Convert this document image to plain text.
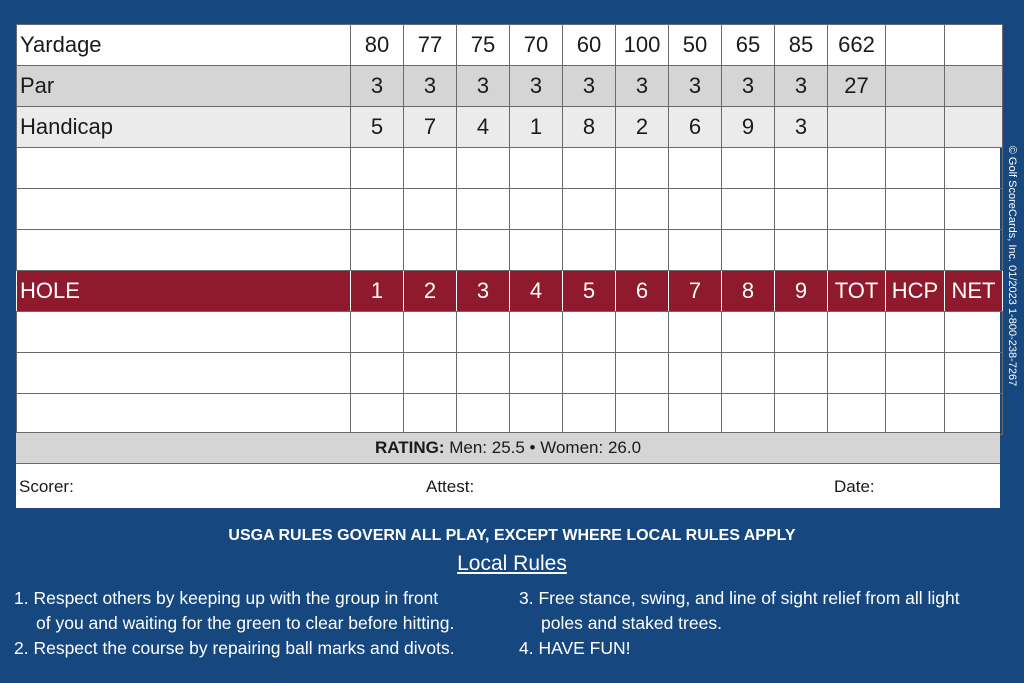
Yardage	80	77	75	70	60	100	50	65	85	662		
Par	3	3	3	3	3	3	3	3	3	27		
Handicap	5	7	4	1	8	2	6	9	3			

HOLE	1	2	3	4	5	6	7	8	9	TOT	HCP	NET

RATING: Men: 25.5 • Women: 26.0
Scorer:	Attest:	Date:
© Golf ScoreCards, Inc. 01/2023 1-800-238-7267
USGA RULES GOVERN ALL PLAY, EXCEPT WHERE LOCAL RULES APPLY
Local Rules
1. Respect others by keeping up with the group in front
of you and waiting for the green to clear before hitting.
2. Respect the course by repairing ball marks and divots.
3. Free stance, swing, and line of sight relief from all light
poles and staked trees.
4. HAVE FUN!
